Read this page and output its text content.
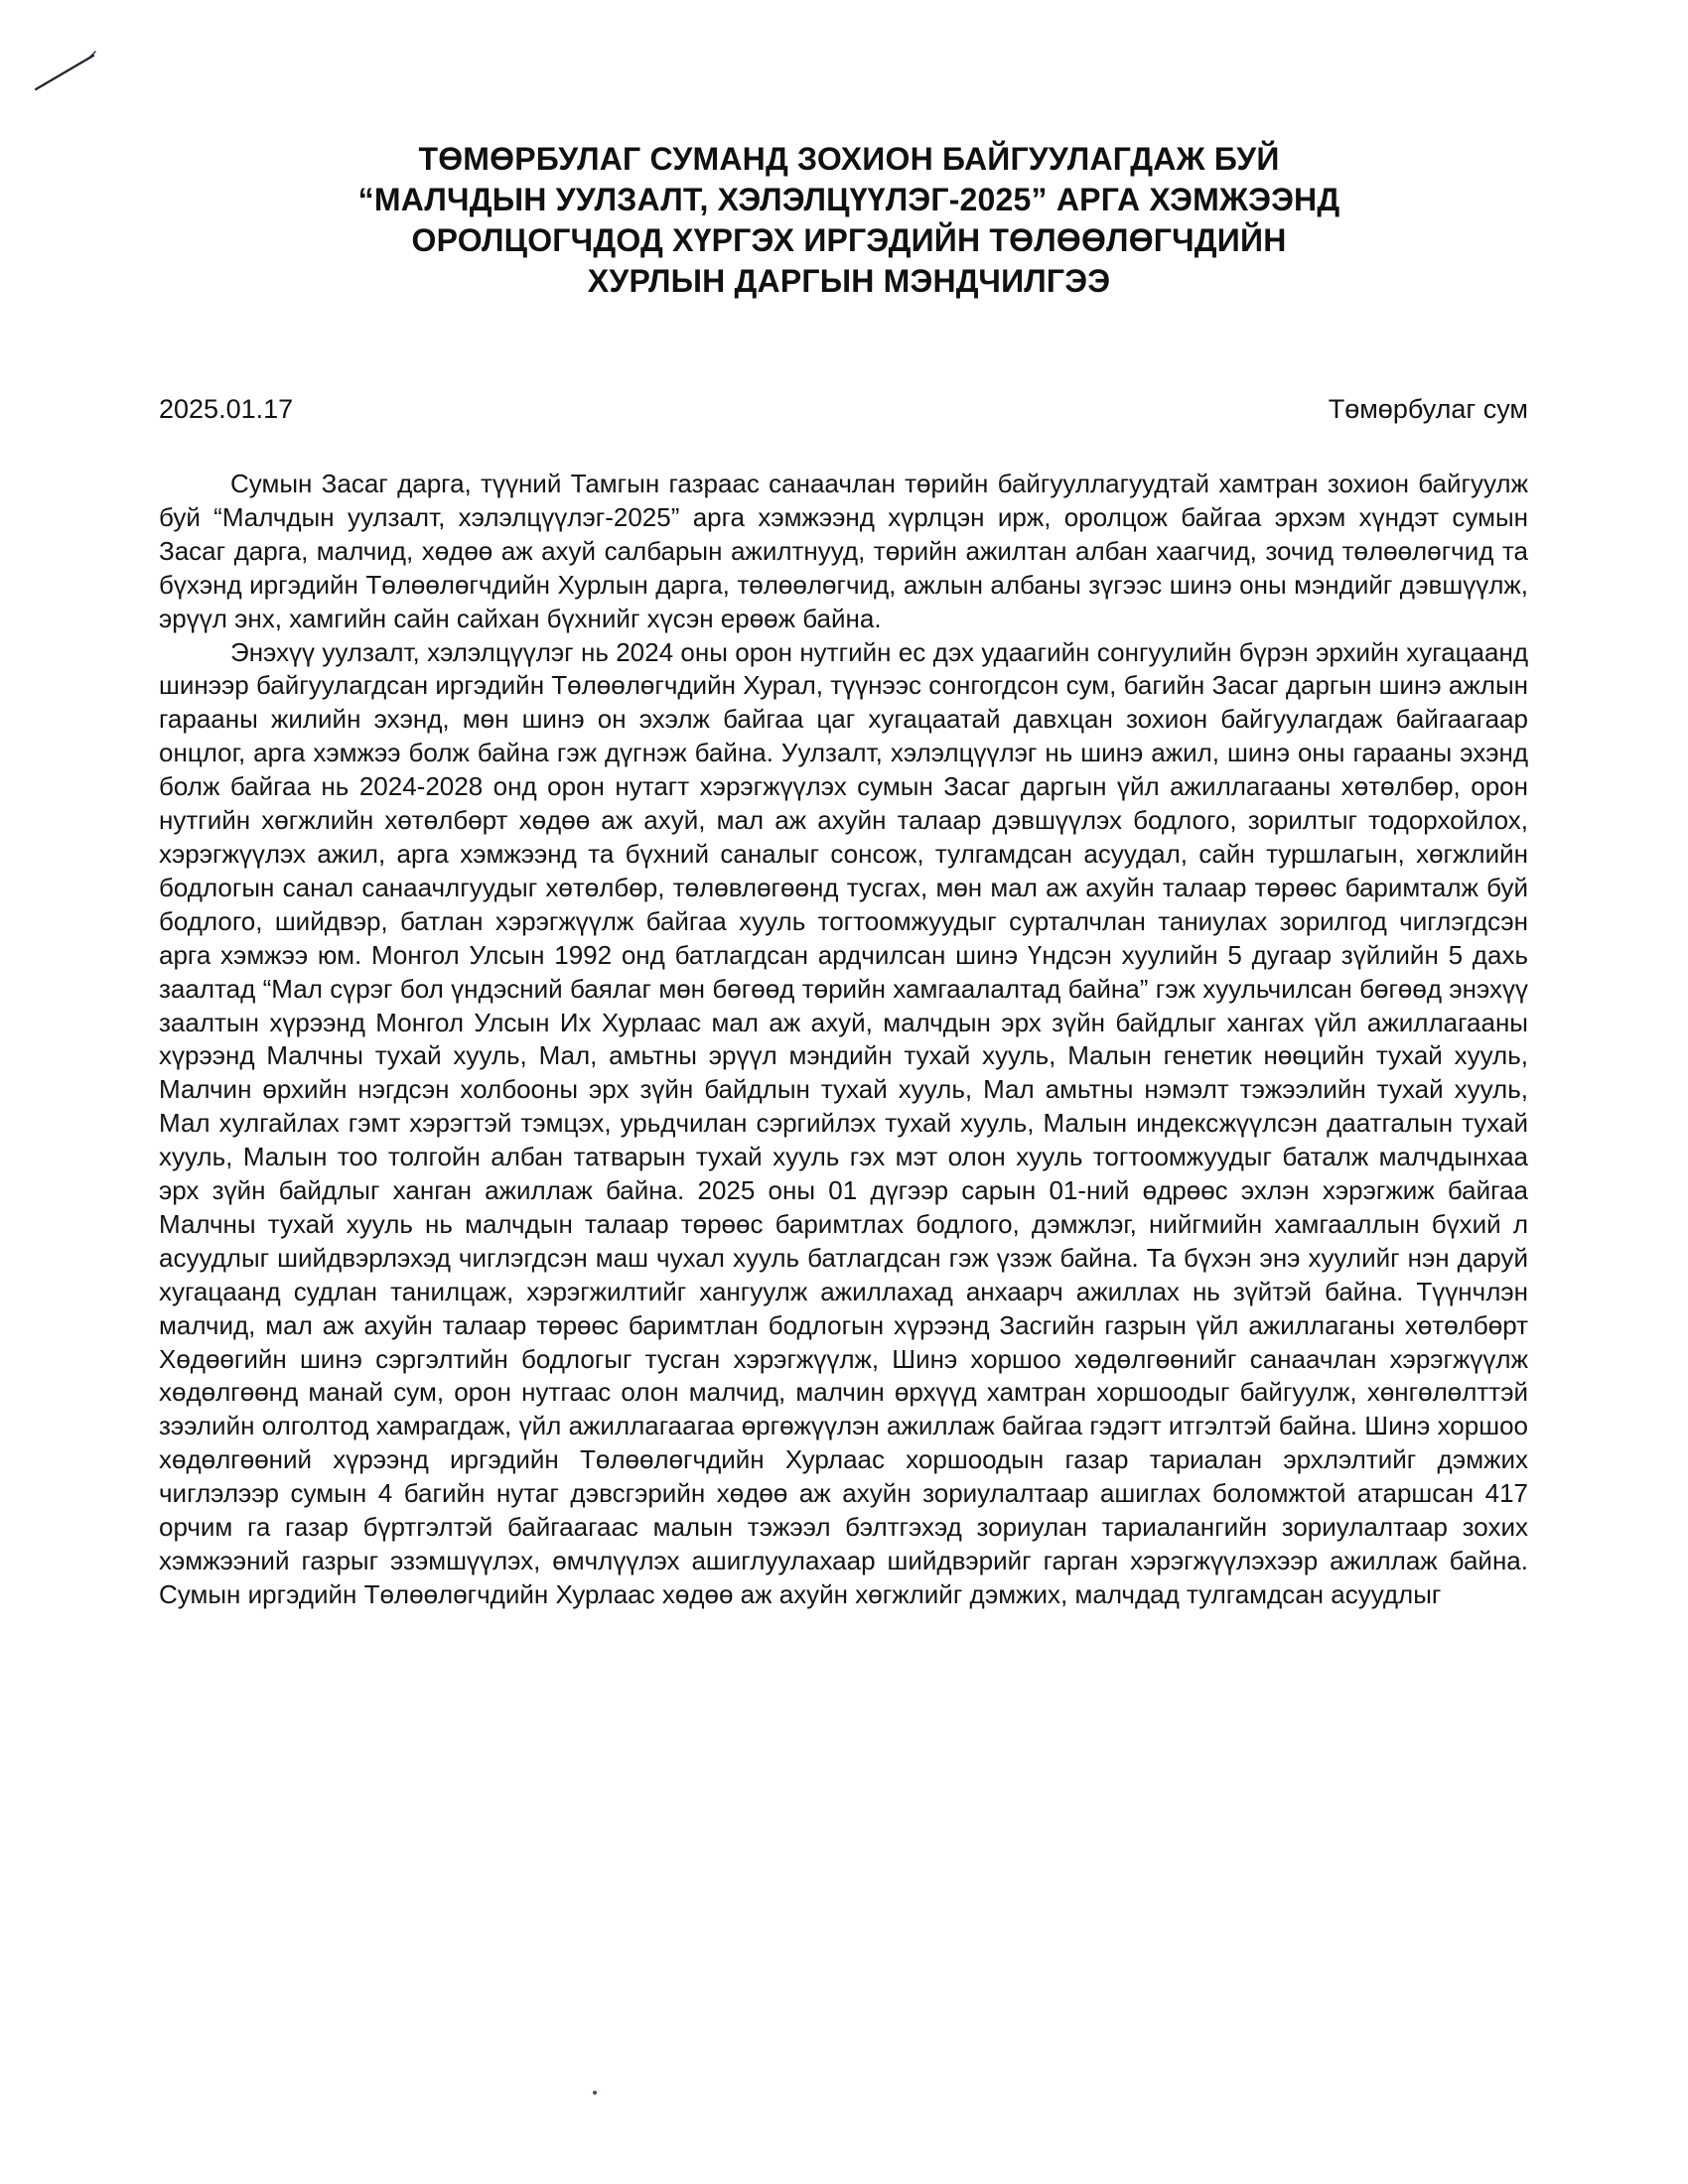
ТӨМӨРБУЛАГ СУМАНД ЗОХИОН БАЙГУУЛАГДАЖ БУЙ
“МАЛЧДЫН УУЛЗАЛТ, ХЭЛЭЛЦҮҮЛЭГ-2025” АРГА ХЭМЖЭЭНД
ОРОЛЦОГЧДОД ХҮРГЭХ ИРГЭДИЙН ТӨЛӨӨЛӨГЧДИЙН
ХУРЛЫН ДАРГЫН МЭНДЧИЛГЭЭ
2025.01.17	Төмөрбулаг сум

Сумын Засаг дарга, түүний Тамгын газраас санаачлан төрийн байгууллагуудтай хамтран зохион байгуулж буй “Малчдын уулзалт, хэлэлцүүлэг-2025” арга хэмжээнд хүрлцэн ирж, оролцож байгаа эрхэм хүндэт сумын Засаг дарга, малчид, хөдөө аж ахуй салбарын ажилтнууд, төрийн ажилтан албан хаагчид, зочид төлөөлөгчид та бүхэнд иргэдийн Төлөөлөгчдийн Хурлын дарга, төлөөлөгчид, ажлын албаны зүгээс шинэ оны мэндийг дэвшүүлж, эрүүл энх, хамгийн сайн сайхан бүхнийг хүсэн ерөөж байна.

Энэхүү уулзалт, хэлэлцүүлэг нь 2024 оны орон нутгийн ес дэх удаагийн сонгуулийн бүрэн эрхийн хугацаанд шинээр байгуулагдсан иргэдийн Төлөөлөгчдийн Хурал, түүнээс сонгогдсон сум, багийн Засаг даргын шинэ ажлын гарааны жилийн эхэнд, мөн шинэ он эхэлж байгаа цаг хугацаатай давхцан зохион байгуулагдаж байгаагаар онцлог, арга хэмжээ болж байна гэж дүгнэж байна. Уулзалт, хэлэлцүүлэг нь шинэ ажил, шинэ оны гарааны эхэнд болж байгаа нь 2024-2028 онд орон нутагт хэрэгжүүлэх сумын Засаг даргын үйл ажиллагааны хөтөлбөр, орон нутгийн хөгжлийн хөтөлбөрт хөдөө аж ахуй, мал аж ахуйн талаар дэвшүүлэх бодлого, зорилтыг тодорхойлох, хэрэгжүүлэх ажил, арга хэмжээнд та бүхний саналыг сонсож, тулгамдсан асуудал, сайн туршлагын, хөгжлийн бодлогын санал санаачлгуудыг хөтөлбөр, төлөвлөгөөнд тусгах, мөн мал аж ахуйн талаар төрөөс баримталж буй бодлого, шийдвэр, батлан хэрэгжүүлж байгаа хууль тогтоомжуудыг сурталчлан таниулах зорилгод чиглэгдсэн арга хэмжээ юм. Монгол Улсын 1992 онд батлагдсан ардчилсан шинэ Үндсэн хуулийн 5 дугаар зүйлийн 5 дахь заалтад “Мал сүрэг бол үндэсний баялаг мөн бөгөөд төрийн хамгаалалтад байна” гэж хуульчилсан бөгөөд энэхүү заалтын хүрээнд Монгол Улсын Их Хурлаас мал аж ахуй, малчдын эрх зүйн байдлыг хангах үйл ажиллагааны хүрээнд Малчны тухай хууль, Мал, амьтны эрүүл мэндийн тухай хууль, Малын генетик нөөцийн тухай хууль, Малчин өрхийн нэгдсэн холбооны эрх зүйн байдлын тухай хууль, Мал амьтны нэмэлт тэжээлийн тухай хууль, Мал хулгайлах гэмт хэрэгтэй тэмцэх, урьдчилан сэргийлэх тухай хууль, Малын индексжүүлсэн даатгалын тухай хууль, Малын тоо толгойн албан татварын тухай хууль гэх мэт олон хууль тогтоомжуудыг баталж малчдынхаа эрх зүйн байдлыг ханган ажиллаж байна. 2025 оны 01 дүгээр сарын 01-ний өдрөөс эхлэн хэрэгжиж байгаа Малчны тухай хууль нь малчдын талаар төрөөс баримтлах бодлого, дэмжлэг, нийгмийн хамгааллын бүхий л асуудлыг шийдвэрлэхэд чиглэгдсэн маш чухал хууль батлагдсан гэж үзэж байна. Та бүхэн энэ хуулийг нэн даруй хугацаанд судлан танилцаж, хэрэгжилтийг хангуулж ажиллахад анхаарч ажиллах нь зүйтэй байна. Түүнчлэн малчид, мал аж ахуйн талаар төрөөс баримтлан бодлогын хүрээнд Засгийн газрын үйл ажиллаганы хөтөлбөрт Хөдөөгийн шинэ сэргэлтийн бодлогыг тусган хэрэгжүүлж, Шинэ хоршоо хөдөлгөөнийг санаачлан хэрэгжүүлж хөдөлгөөнд манай сум, орон нутгаас олон малчид, малчин өрхүүд хамтран хоршоодыг байгуулж, хөнгөлөлттэй зээлийн олголтод хамрагдаж, үйл ажиллагаагаа өргөжүүлэн ажиллаж байгаа гэдэгт итгэлтэй байна. Шинэ хоршоо хөдөлгөөний хүрээнд иргэдийн Төлөөлөгчдийн Хурлаас хоршоодын газар тариалан эрхлэлтийг дэмжих чиглэлээр сумын 4 багийн нутаг дэвсгэрийн хөдөө аж ахуйн зориулалтаар ашиглах боломжтой атаршсан 417 орчим га газар бүртгэлтэй байгаагаас малын тэжээл бэлтгэхэд зориулан тариалангийн зориулалтаар зохих хэмжээний газрыг эзэмшүүлэх, өмчлүүлэх ашиглуулахаар шийдвэрийг гарган хэрэгжүүлэхээр ажиллаж байна. Сумын иргэдийн Төлөөлөгчдийн Хурлаас хөдөө аж ахуйн хөгжлийг дэмжих, малчдад тулгамдсан асуудлыг
